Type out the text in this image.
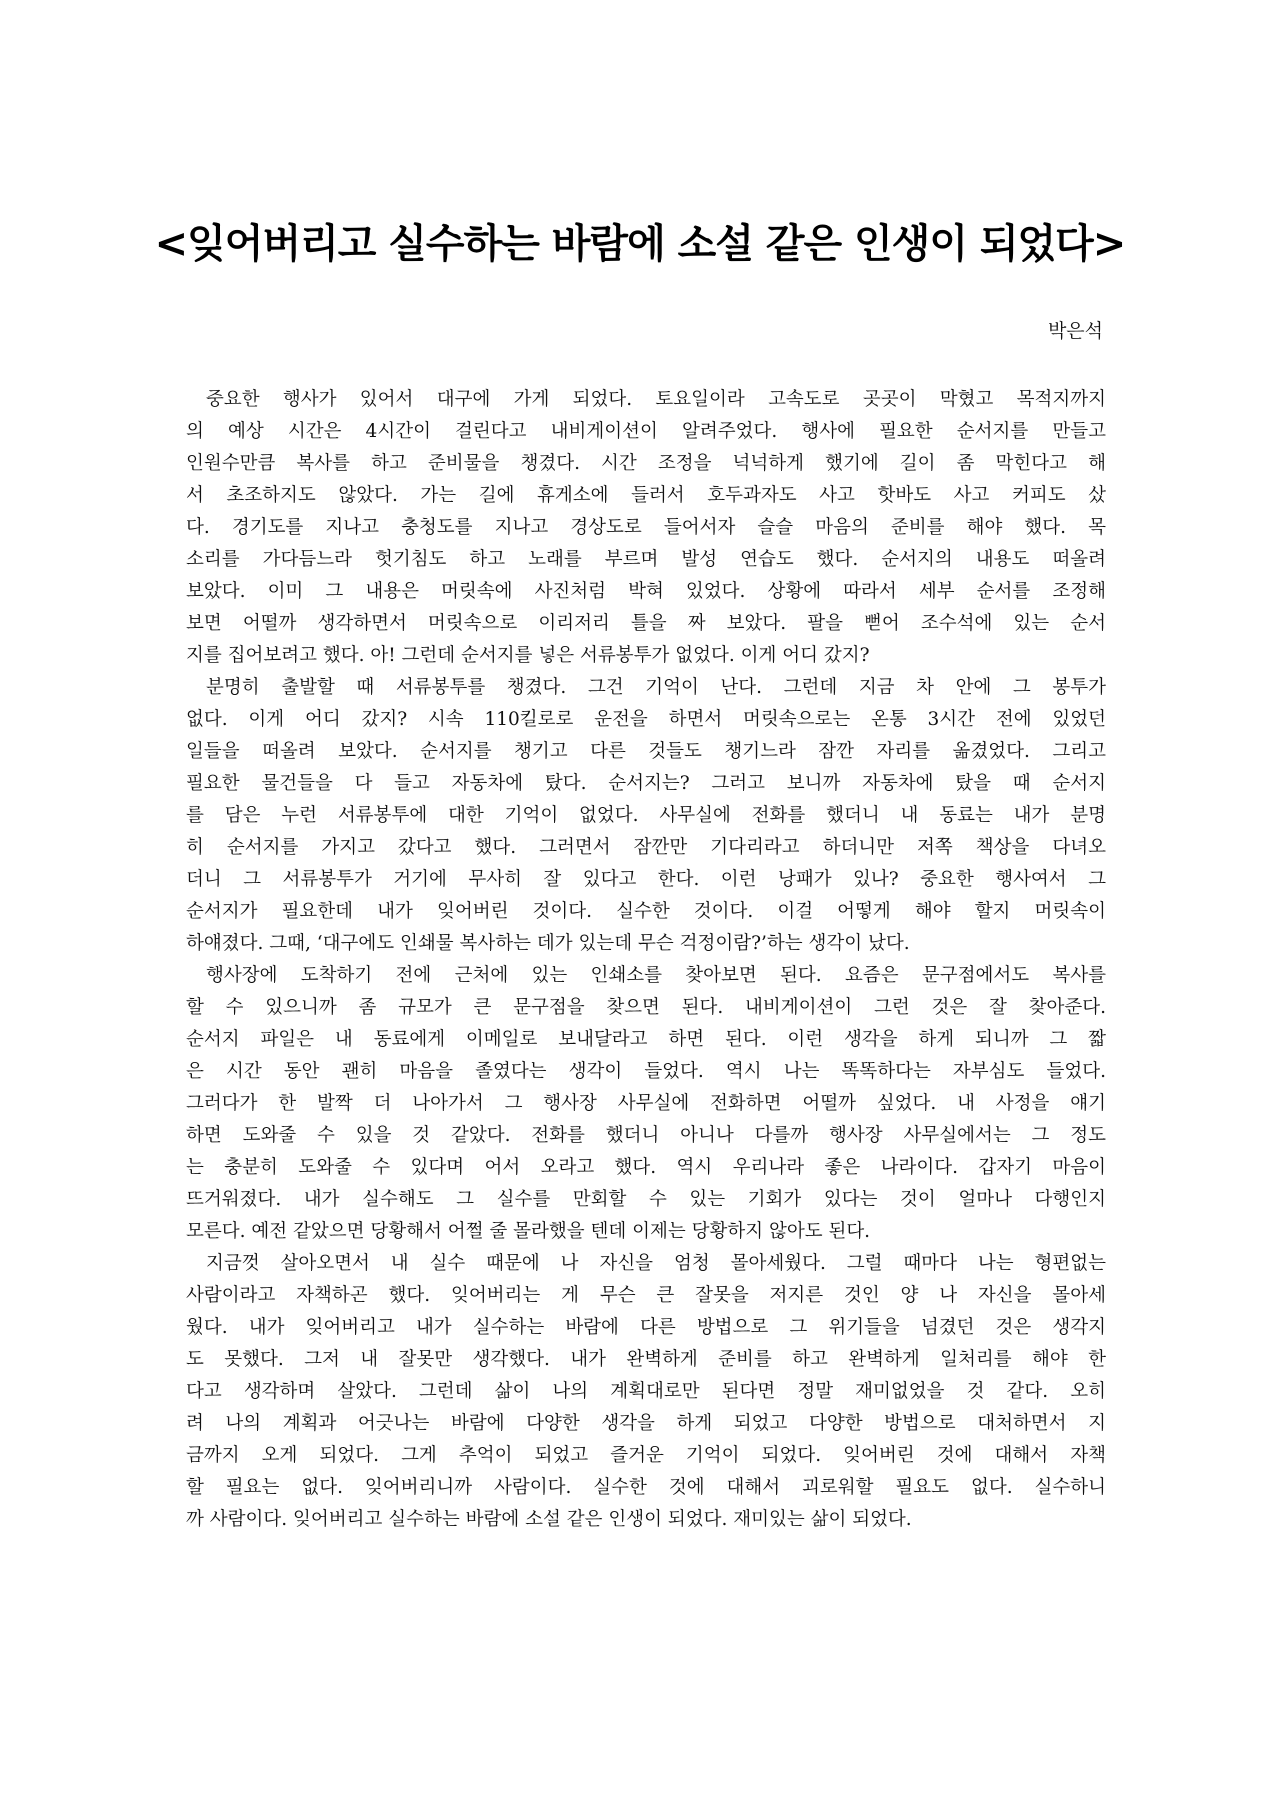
<잊어버리고 실수하는 바람에 소설 같은 인생이 되었다>
박은석
중요한 행사가 있어서 대구에 가게 되었다. 토요일이라 고속도로 곳곳이 막혔고 목적지까지
의 예상 시간은 4시간이 걸린다고 내비게이션이 알려주었다. 행사에 필요한 순서지를 만들고
인원수만큼 복사를 하고 준비물을 챙겼다. 시간 조정을 넉넉하게 했기에 길이 좀 막힌다고 해
서 초조하지도 않았다. 가는 길에 휴게소에 들러서 호두과자도 사고 핫바도 사고 커피도 샀
다. 경기도를 지나고 충청도를 지나고 경상도로 들어서자 슬슬 마음의 준비를 해야 했다. 목
소리를 가다듬느라 헛기침도 하고 노래를 부르며 발성 연습도 했다. 순서지의 내용도 떠올려
보았다. 이미 그 내용은 머릿속에 사진처럼 박혀 있었다. 상황에 따라서 세부 순서를 조정해
보면 어떨까 생각하면서 머릿속으로 이리저리 틀을 짜 보았다. 팔을 뻗어 조수석에 있는 순서
지를 집어보려고 했다. 아! 그런데 순서지를 넣은 서류봉투가 없었다. 이게 어디 갔지?
분명히 출발할 때 서류봉투를 챙겼다. 그건 기억이 난다. 그런데 지금 차 안에 그 봉투가
없다. 이게 어디 갔지? 시속 110킬로로 운전을 하면서 머릿속으로는 온통 3시간 전에 있었던
일들을 떠올려 보았다. 순서지를 챙기고 다른 것들도 챙기느라 잠깐 자리를 옮겼었다. 그리고
필요한 물건들을 다 들고 자동차에 탔다. 순서지는? 그러고 보니까 자동차에 탔을 때 순서지
를 담은 누런 서류봉투에 대한 기억이 없었다. 사무실에 전화를 했더니 내 동료는 내가 분명
히 순서지를 가지고 갔다고 했다. 그러면서 잠깐만 기다리라고 하더니만 저쪽 책상을 다녀오
더니 그 서류봉투가 거기에 무사히 잘 있다고 한다. 이런 낭패가 있나? 중요한 행사여서 그
순서지가 필요한데 내가 잊어버린 것이다. 실수한 것이다. 이걸 어떻게 해야 할지 머릿속이
하얘졌다. 그때, ‘대구에도 인쇄물 복사하는 데가 있는데 무슨 걱정이람?’하는 생각이 났다.
행사장에 도착하기 전에 근처에 있는 인쇄소를 찾아보면 된다. 요즘은 문구점에서도 복사를
할 수 있으니까 좀 규모가 큰 문구점을 찾으면 된다. 내비게이션이 그런 것은 잘 찾아준다.
순서지 파일은 내 동료에게 이메일로 보내달라고 하면 된다. 이런 생각을 하게 되니까 그 짧
은 시간 동안 괜히 마음을 졸였다는 생각이 들었다. 역시 나는 똑똑하다는 자부심도 들었다.
그러다가 한 발짝 더 나아가서 그 행사장 사무실에 전화하면 어떨까 싶었다. 내 사정을 얘기
하면 도와줄 수 있을 것 같았다. 전화를 했더니 아니나 다를까 행사장 사무실에서는 그 정도
는 충분히 도와줄 수 있다며 어서 오라고 했다. 역시 우리나라 좋은 나라이다. 갑자기 마음이
뜨거워졌다. 내가 실수해도 그 실수를 만회할 수 있는 기회가 있다는 것이 얼마나 다행인지
모른다. 예전 같았으면 당황해서 어쩔 줄 몰라했을 텐데 이제는 당황하지 않아도 된다.
지금껏 살아오면서 내 실수 때문에 나 자신을 엄청 몰아세웠다. 그럴 때마다 나는 형편없는
사람이라고 자책하곤 했다. 잊어버리는 게 무슨 큰 잘못을 저지른 것인 양 나 자신을 몰아세
웠다. 내가 잊어버리고 내가 실수하는 바람에 다른 방법으로 그 위기들을 넘겼던 것은 생각지
도 못했다. 그저 내 잘못만 생각했다. 내가 완벽하게 준비를 하고 완벽하게 일처리를 해야 한
다고 생각하며 살았다. 그런데 삶이 나의 계획대로만 된다면 정말 재미없었을 것 같다. 오히
려 나의 계획과 어긋나는 바람에 다양한 생각을 하게 되었고 다양한 방법으로 대처하면서 지
금까지 오게 되었다. 그게 추억이 되었고 즐거운 기억이 되었다. 잊어버린 것에 대해서 자책
할 필요는 없다. 잊어버리니까 사람이다. 실수한 것에 대해서 괴로워할 필요도 없다. 실수하니
까 사람이다. 잊어버리고 실수하는 바람에 소설 같은 인생이 되었다. 재미있는 삶이 되었다.
